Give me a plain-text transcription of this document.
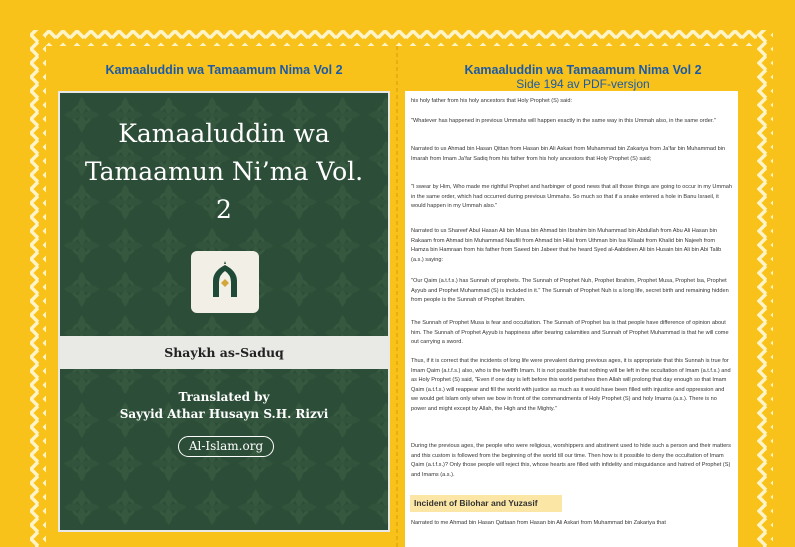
Kamaaluddin wa Tamaamum Nima Vol 2	Kamaaluddin wa Tamaamum Nima Vol 2
Side 194 av PDF-versjon
Kamaaluddin wa
Tamaamun Ni’ma Vol.
2
Shaykh as-Saduq
Translated by
Sayyid Athar Husayn S.H. Rizvi
Al-Islam.org

his holy father from his holy ancestors that Holy Prophet (S) said:

"Whatever has happened in previous Ummahs will happen exactly in the same way in this Ummah also, in the same order."

Narrated to us Ahmad bin Hasan Qittan from Hasan bin Ali Askari from Muhammad bin Zakariya from Ja'far bin Muhammad bin Imarah from Imam Ja'far Sadiq from his father from his holy ancestors that Holy Prophet (S) said;

"I swear by Him, Who made me rightful Prophet and harbinger of good news that all those things are going to occur in my Ummah in the same order, which had occurred during previous Ummahs. So much so that if a snake entered a hole in Banu Israeil, it would happen in my Ummah also."

Narrated to us Shareef Abul Hasan Ali bin Musa bin Ahmad bin Ibrahim bin Muhammad bin Abdullah from Abu Ali Hasan bin Rakaam from Ahmad bin Muhammad Naufili from Ahmad bin Hilal from Uthman bin Isa Kilaabi from Khalid bin Najeeh from Hamza bin Hamraan from his father from Saeed bin Jabeer that he heard Syed al-Aabideen Ali bin Husain bin Ali bin Abi Talib (a.s.) saying:

"Our Qaim (a.t.f.s.) has Sunnah of prophets. The Sunnah of Prophet Nuh, Prophet Ibrahim, Prophet Musa, Prophet Isa, Prophet Ayyub and Prophet Muhammad (S) is included in it." The Sunnah of Prophet Nuh is a long life, secret birth and remaining hidden from people is the Sunnah of Prophet Ibrahim.

The Sunnah of Prophet Musa is fear and occultation. The Sunnah of Prophet Isa is that people have difference of opinion about him. The Sunnah of Prophet Ayyub is happiness after bearing calamities and Sunnah of Prophet Muhammad is that he will come out carrying a sword.

Thus, if it is correct that the incidents of long life were prevalent during previous ages, it is appropriate that this Sunnah is true for Imam Qaim (a.t.f.s.) also, who is the twelfth Imam. It is not possible that nothing will be left in the occultation of Imam (a.t.f.s.) and as Holy Prophet (S) said, "Even if one day is left before this world perishes then Allah will prolong that day enough so that Imam Qaim (a.t.f.s.) will reappear and fill the world with justice as much as it would have been filled with injustice and oppression and we would get Islam only when we bow in front of the commandments of Holy Prophet (S) and holy Imams (a.s.). There is no power and might except by Allah, the High and the Mighty."

During the previous ages, the people who were religious, worshippers and abstinent used to hide such a person and their matters and this custom is followed from the beginning of the world till our time. Then how is it possible to deny the occultation of Imam Qaim (a.t.f.s.)? Only those people will reject this, whose hearts are filled with infidelity and misguidance and hatred of Prophet (S) and Imams (a.s.).

Incident of Bilohar and Yuzasif

Narrated to me Ahmad bin Hasan Qattaan from Hasan bin Ali Askari from Muhammad bin Zakariya that
